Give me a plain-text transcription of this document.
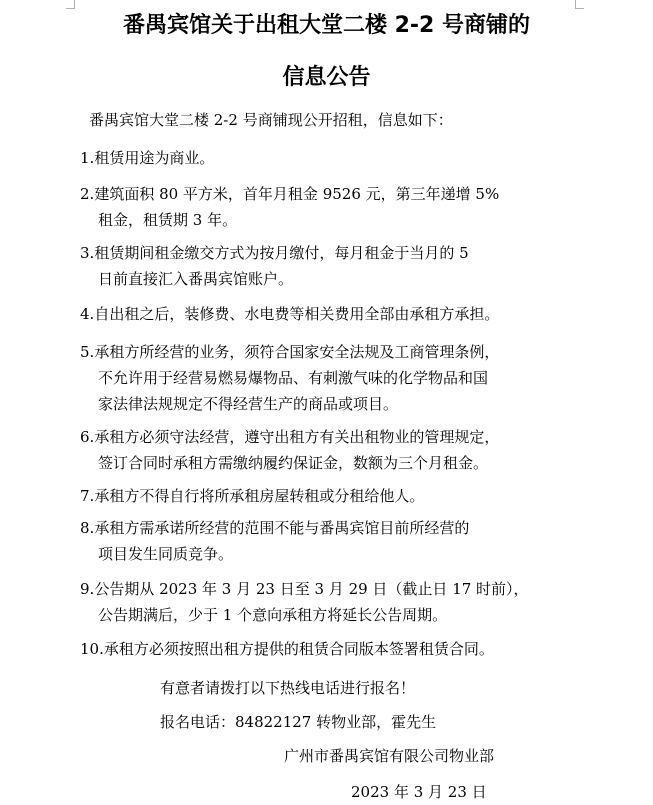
番禺宾馆关于出租大堂二楼 2-2 号商铺的
信息公告

番禺宾馆大堂二楼 2-2 号商铺现公开招租，信息如下：

1.租赁用途为商业。
2.建筑面积 80 平方米，首年月租金 9526 元，第三年递增 5%
租金，租赁期 3 年。
3.租赁期间租金缴交方式为按月缴付，每月租金于当月的 5
日前直接汇入番禺宾馆账户。
4.自出租之后，装修费、水电费等相关费用全部由承租方承担。
5.承租方所经营的业务，须符合国家安全法规及工商管理条例，
不允许用于经营易燃易爆物品、有刺激气味的化学物品和国
家法律法规规定不得经营生产的商品或项目。
6.承租方必须守法经营，遵守出租方有关出租物业的管理规定，
签订合同时承租方需缴纳履约保证金，数额为三个月租金。
7.承租方不得自行将所承租房屋转租或分租给他人。
8.承租方需承诺所经营的范围不能与番禺宾馆目前所经营的
项目发生同质竞争。
9.公告期从 2023 年 3 月 23 日至 3 月 29 日（截止日 17 时前），
公告期满后，少于 1 个意向承租方将延长公告周期。
10.承租方必须按照出租方提供的租赁合同版本签署租赁合同。
有意者请拨打以下热线电话进行报名！
报名电话：84822127 转物业部，霍先生
广州市番禺宾馆有限公司物业部
2023 年 3 月 23 日
